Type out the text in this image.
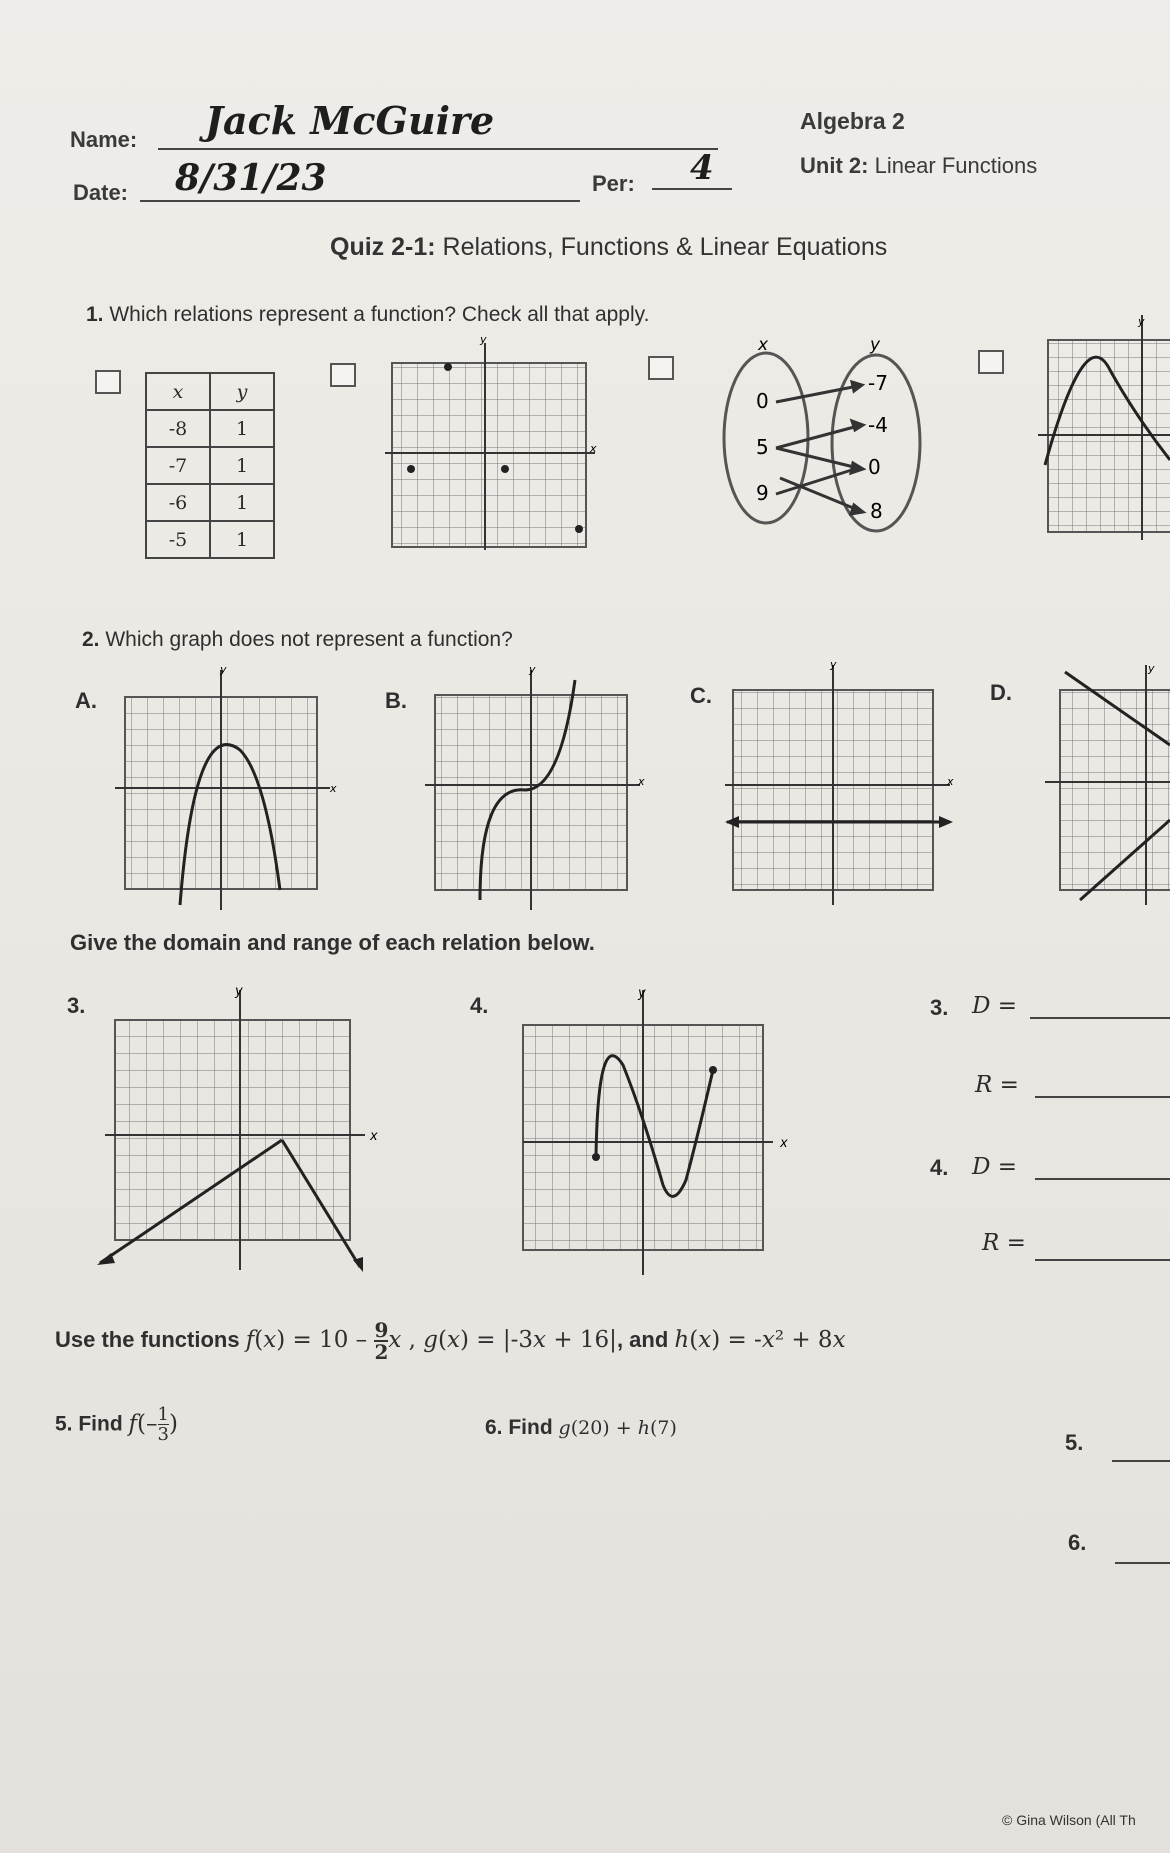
Name: Jack McGuire
Date: 8/31/23	Per: 4
Algebra 2
Unit 2: Linear Functions
Quiz 2-1: Relations, Functions & Linear Equations
1. Which relations represent a function? Check all that apply.
x	y
-8	1
-7	1
-6	1
-5	1
y
x
x	y
0
5
9
-7
-4
0
8
y
2. Which graph does not represent a function?
A.	B.	C.	D.
y
x
y
x
y
x
y
Give the domain and range of each relation below.
3.	4.
y
x
y
x
3. D =
R =
4. D =
R =
Use the functions $f(x) = 10 - \frac{9}{2}$ x , g(x) = |-3x + 16|, and h(x) = -x² + 8x
5. Find f(–1

3 )	6. Find g(20) + h(7)
5.
6.
© Gina Wilson (All Th
